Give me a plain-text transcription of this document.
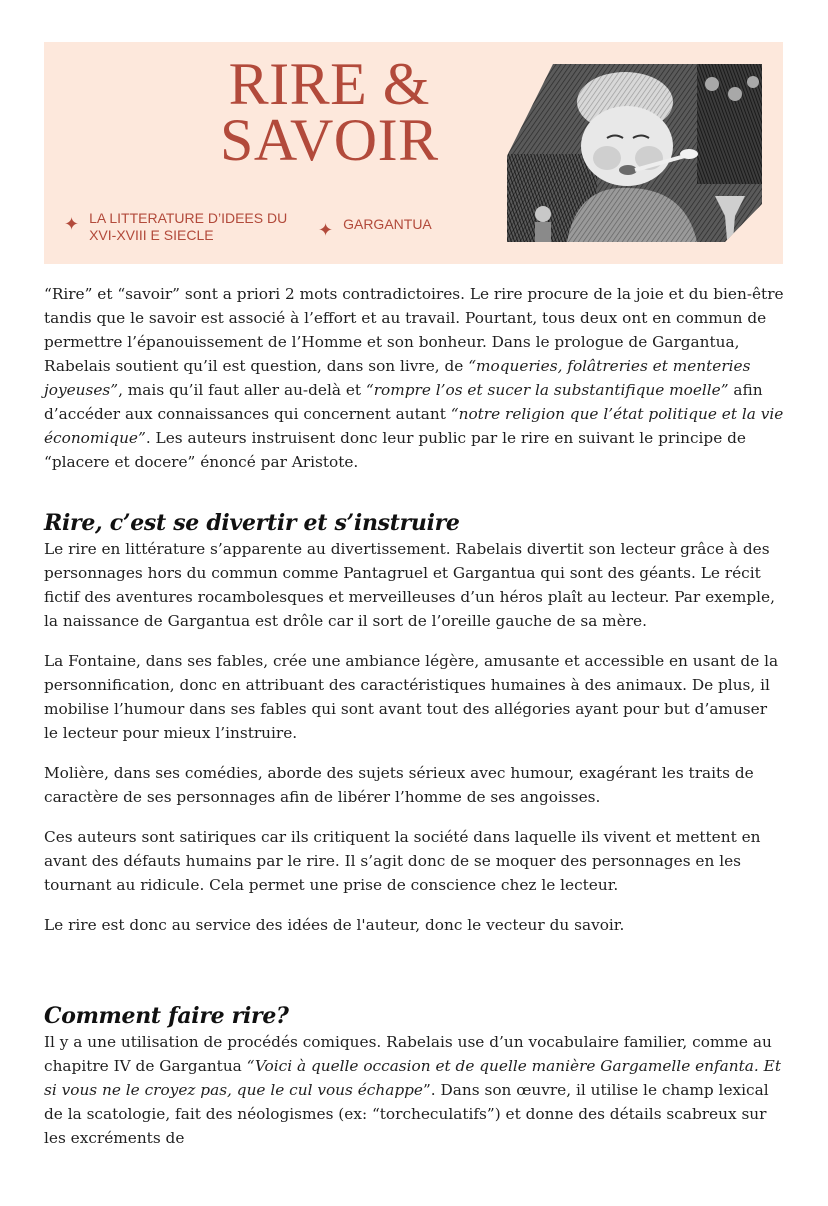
RIRE &
SAVOIR
✦ LA LITTERATURE D’IDEES DU
XVI-XVIII E SIECLE	✦ GARGANTUA

“Rire” et “savoir” sont a priori 2 mots contradictoires. Le rire procure de la joie et du bien-être tandis que le savoir est associé à l’effort et au travail. Pourtant, tous deux ont en commun de permettre l’épanouissement de l’Homme et son bonheur. Dans le prologue de Gargantua, Rabelais soutient qu’il est question, dans son livre, de “moqueries, folâtreries et menteries joyeuses”, mais qu’il faut aller au-delà et “rompre l’os et sucer la substantifique moelle” afin d’accéder aux connaissances qui concernent autant “notre religion que l’état politique et la vie économique”. Les auteurs instruisent donc leur public par le rire en suivant le principe de “placere et docere” énoncé par Aristote.

Rire, c’est se divertir et s’instruire

Le rire en littérature s’apparente au divertissement. Rabelais divertit son lecteur grâce à des personnages hors du commun comme Pantagruel et Gargantua qui sont des géants. Le récit fictif des aventures rocambolesques et merveilleuses d’un héros plaît au lecteur. Par exemple, la naissance de Gargantua est drôle car il sort de l’oreille gauche de sa mère.

La Fontaine, dans ses fables, crée une ambiance légère, amusante et accessible en usant de la personnification, donc en attribuant des caractéristiques humaines à des animaux. De plus, il mobilise l’humour dans ses fables qui sont avant tout des allégories ayant pour but d’amuser le lecteur pour mieux l’instruire.

Molière, dans ses comédies, aborde des sujets sérieux avec humour, exagérant les traits de caractère de ses personnages afin de libérer l’homme de ses angoisses.

Ces auteurs sont satiriques car ils critiquent la société dans laquelle ils vivent et mettent en avant des défauts humains par le rire. Il s’agit donc de se moquer des personnages en les tournant au ridicule. Cela permet une prise de conscience chez le lecteur.

Le rire est donc au service des idées de l'auteur, donc le vecteur du savoir.

Comment faire rire?

Il y a une utilisation de procédés comiques. Rabelais use d’un vocabulaire familier, comme au chapitre IV de Gargantua “Voici à quelle occasion et de quelle manière Gargamelle enfanta. Et si vous ne le croyez pas, que le cul vous échappe”. Dans son œuvre, il utilise le champ lexical de la scatologie, fait des néologismes (ex: “torcheculatifs”) et donne des détails scabreux sur les excréments de
